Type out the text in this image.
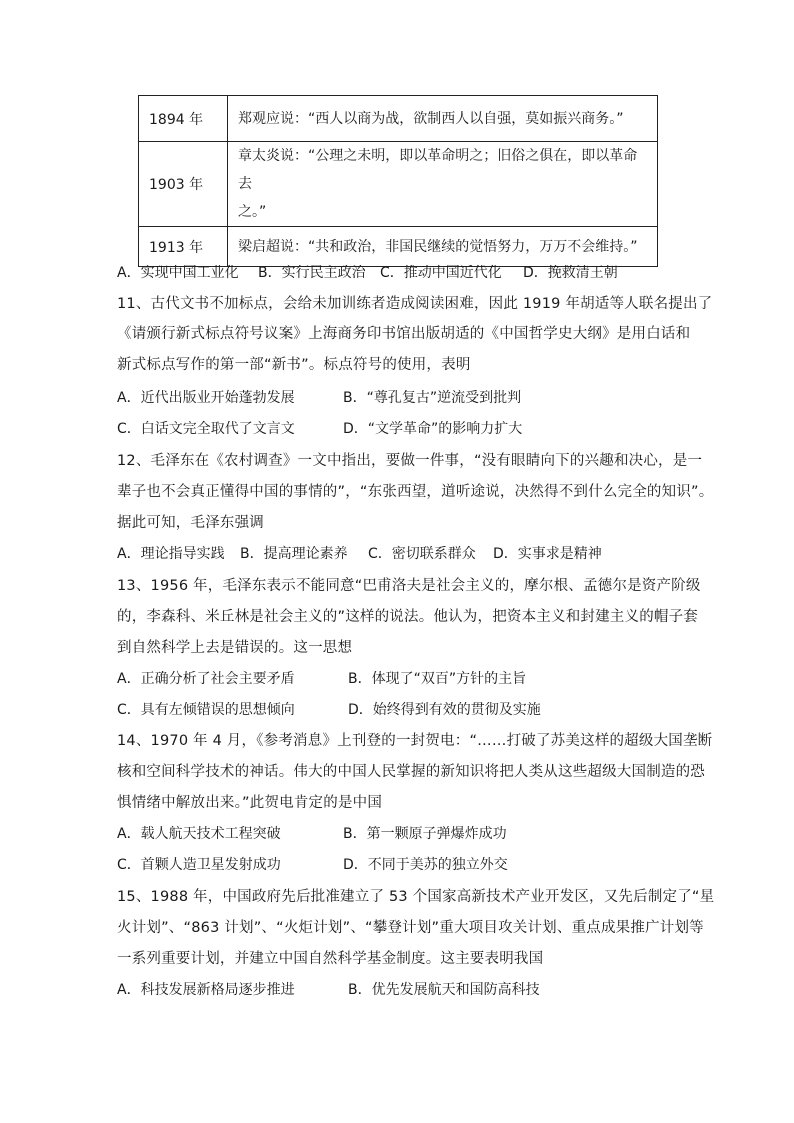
1894 年	郑观应说：“西人以商为战，欲制西人以自强，莫如振兴商务。”
1903 年	章太炎说：“公理之未明，即以革命明之；旧俗之俱在，即以革命去
之。”

1913 年	梁启超说：“共和政治，非国民继续的觉悟努力，万万不会维持。”
A．实现中国工业化 B．实行民主政治 C．推动中国近代化 D．挽救清王朝
11、古代文书不加标点，会给未加训练者造成阅读困难，因此 1919 年胡适等人联名提出了
《请颁行新式标点符号议案》上海商务印书馆出版胡适的《中国哲学史大纲》是用白话和
新式标点写作的第一部“新书”。标点符号的使用，表明
A．近代出版业开始蓬勃发展	B．“尊孔复古”逆流受到批判
C．白话文完全取代了文言文	D．“文学革命”的影响力扩大
12、毛泽东在《农村调查》一文中指出，要做一件事，“没有眼睛向下的兴趣和决心，是一
辈子也不会真正懂得中国的事情的”，“东张西望，道听途说，决然得不到什么完全的知识”。
据此可知，毛泽东强调
A．理论指导实践 B．提高理论素养 C．密切联系群众 D．实事求是精神
13、1956 年，毛泽东表示不能同意“巴甫洛夫是社会主义的，摩尔根、孟德尔是资产阶级
的，李森科、米丘林是社会主义的”这样的说法。他认为，把资本主义和封建主义的帽子套
到自然科学上去是错误的。这一思想
A．正确分析了社会主要矛盾	B．体现了“双百”方针的主旨
C．具有左倾错误的思想倾向	D．始终得到有效的贯彻及实施
14、1970 年 4 月，《参考消息》上刊登的一封贺电：“……打破了苏美这样的超级大国垄断
核和空间科学技术的神话。伟大的中国人民掌握的新知识将把人类从这些超级大国制造的恐
惧情绪中解放出来。”此贺电肯定的是中国
A．载人航天技术工程突破	B．第一颗原子弹爆炸成功
C．首颗人造卫星发射成功	D．不同于美苏的独立外交
15、1988 年，中国政府先后批准建立了 53 个国家高新技术产业开发区，又先后制定了“星
火计划”、“863 计划”、“火炬计划”、“攀登计划”重大项目攻关计划、重点成果推广计划等
一系列重要计划，并建立中国自然科学基金制度。这主要表明我国
A．科技发展新格局逐步推进	B．优先发展航天和国防高科技
